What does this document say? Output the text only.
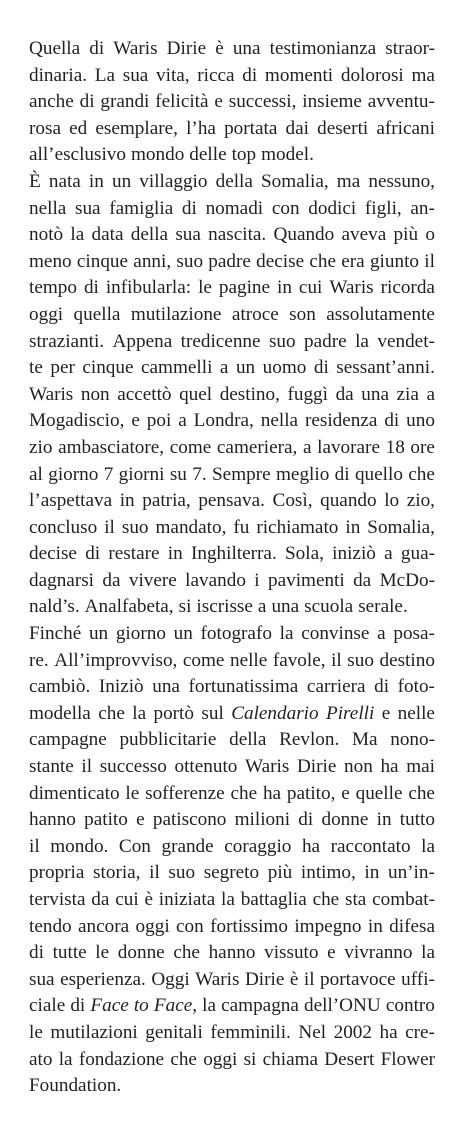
Quella di Waris Dirie è una testimonianza straor-
dinaria. La sua vita, ricca di momenti dolorosi ma
anche di grandi felicità e successi, insieme avventu-
rosa ed esemplare, l’ha portata dai deserti africani
all’esclusivo mondo delle top model.
È nata in un villaggio della Somalia, ma nessuno,
nella sua famiglia di nomadi con dodici figli, an-
notò la data della sua nascita. Quando aveva più o
meno cinque anni, suo padre decise che era giunto il
tempo di infibularla: le pagine in cui Waris ricorda
oggi quella mutilazione atroce son assolutamente
strazianti. Appena tredicenne suo padre la vendet-
te per cinque cammelli a un uomo di sessant’anni.
Waris non accettò quel destino, fuggì da una zia a
Mogadiscio, e poi a Londra, nella residenza di uno
zio ambasciatore, come cameriera, a lavorare 18 ore
al giorno 7 giorni su 7. Sempre meglio di quello che
l’aspettava in patria, pensava. Così, quando lo zio,
concluso il suo mandato, fu richiamato in Somalia,
decise di restare in Inghilterra. Sola, iniziò a gua-
dagnarsi da vivere lavando i pavimenti da McDo-
nald’s. Analfabeta, si iscrisse a una scuola serale.
Finché un giorno un fotografo la convinse a posa-
re. All’improvviso, come nelle favole, il suo destino
cambiò. Iniziò una fortunatissima carriera di foto-
modella che la portò sul Calendario Pirelli e nelle
campagne pubblicitarie della Revlon. Ma nono-
stante il successo ottenuto Waris Dirie non ha mai
dimenticato le sofferenze che ha patito, e quelle che
hanno patito e patiscono milioni di donne in tutto
il mondo. Con grande coraggio ha raccontato la
propria storia, il suo segreto più intimo, in un’in-
tervista da cui è iniziata la battaglia che sta combat-
tendo ancora oggi con fortissimo impegno in difesa
di tutte le donne che hanno vissuto e vivranno la
sua esperienza. Oggi Waris Dirie è il portavoce uffi-
ciale di Face to Face, la campagna dell’ONU contro
le mutilazioni genitali femminili. Nel 2002 ha cre-
ato la fondazione che oggi si chiama Desert Flower
Foundation.
